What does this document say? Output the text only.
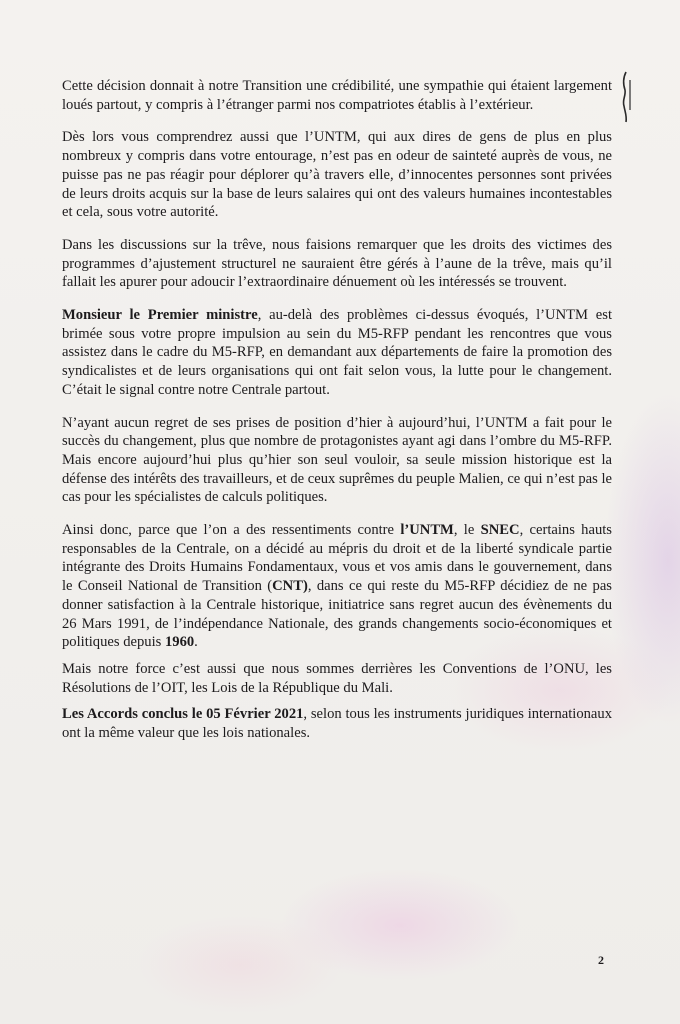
Cette décision donnait à notre Transition une crédibilité, une sympathie qui étaient largement loués partout, y compris à l’étranger parmi nos compatriotes établis à l’extérieur.

Dès lors vous comprendrez aussi que l’UNTM, qui aux dires de gens de plus en plus nombreux y compris dans votre entourage, n’est pas en odeur de sainteté auprès de vous, ne puisse pas ne pas réagir pour déplorer qu’à travers elle, d’innocentes personnes sont privées de leurs droits acquis sur la base de leurs salaires qui ont des valeurs humaines incontestables et cela, sous votre autorité.

Dans les discussions sur la trêve, nous faisions remarquer que les droits des victimes des programmes d’ajustement structurel ne sauraient être gérés à l’aune de la trêve, mais qu’il fallait les apurer pour adoucir l’extraordinaire dénuement où les intéressés se trouvent.

Monsieur le Premier ministre, au-delà des problèmes ci-dessus évoqués, l’UNTM est brimée sous votre propre impulsion au sein du M5-RFP pendant les rencontres que vous assistez dans le cadre du M5-RFP, en demandant aux départements de faire la promotion des syndicalistes et de leurs organisations qui ont fait selon vous, la lutte pour le changement. C’était le signal contre notre Centrale partout.

N’ayant aucun regret de ses prises de position d’hier à aujourd’hui, l’UNTM a fait pour le succès du changement, plus que nombre de protagonistes ayant agi dans l’ombre du M5-RFP. Mais encore aujourd’hui plus qu’hier son seul vouloir, sa seule mission historique est la défense des intérêts des travailleurs, et de ceux suprêmes du peuple Malien, ce qui n’est pas le cas pour les spécialistes de calculs politiques.

Ainsi donc, parce que l’on a des ressentiments contre l’UNTM, le SNEC, certains hauts responsables de la Centrale, on a décidé au mépris du droit et de la liberté syndicale partie intégrante des Droits Humains Fondamentaux, vous et vos amis dans le gouvernement, dans le Conseil National de Transition (CNT), dans ce qui reste du M5-RFP décidiez de ne pas donner satisfaction à la Centrale historique, initiatrice sans regret aucun des évènements du 26 Mars 1991, de l’indépendance Nationale, des grands changements socio-économiques et politiques depuis 1960.

Mais notre force c’est aussi que nous sommes derrières les Conventions de l’ONU, les Résolutions de l’OIT, les Lois de la République du Mali.

Les Accords conclus le 05 Février 2021, selon tous les instruments juridiques internationaux ont la même valeur que les lois nationales.

2
